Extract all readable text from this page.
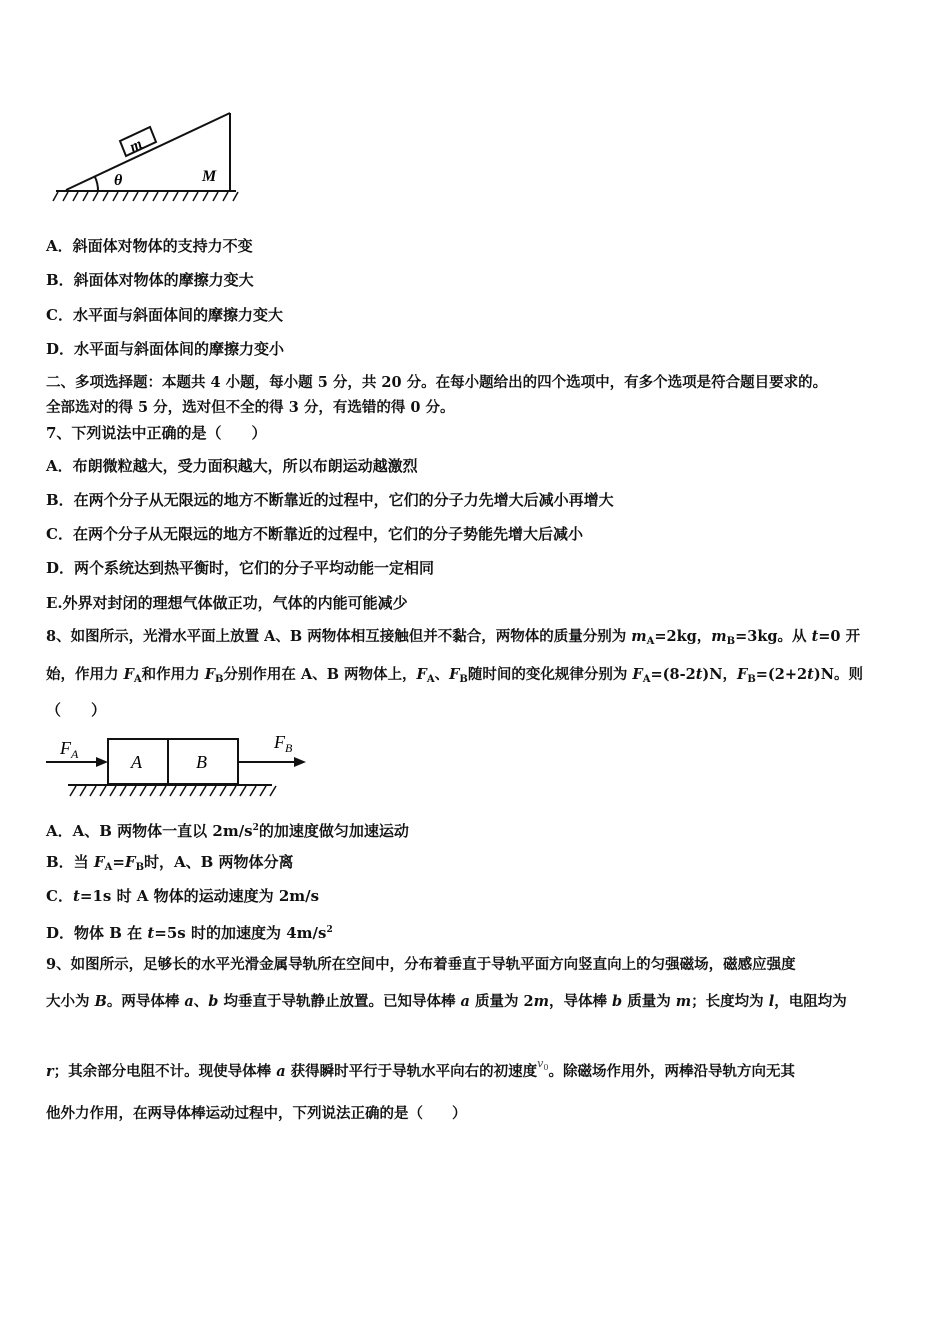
m
θ	M
A．斜面体对物体的支持力不变
B．斜面体对物体的摩擦力变大
C．水平面与斜面体间的摩擦力变大
D．水平面与斜面体间的摩擦力变小
二、多项选择题：本题共 4 小题，每小题 5 分，共 20 分。在每小题给出的四个选项中，有多个选项是符合题目要求的。
全部选对的得 5 分，选对但不全的得 3 分，有选错的得 0 分。
7、下列说法中正确的是（　　）
A．布朗微粒越大，受力面积越大，所以布朗运动越激烈
B．在两个分子从无限远的地方不断靠近的过程中，它们的分子力先增大后减小再增大
C．在两个分子从无限远的地方不断靠近的过程中，它们的分子势能先增大后减小
D．两个系统达到热平衡时，它们的分子平均动能一定相同
E.外界对封闭的理想气体做正功，气体的内能可能减少
8、如图所示，光滑水平面上放置 A、B 两物体相互接触但并不黏合，两物体的质量分别为 $m_A=2kg$，$m_B=3kg$。从 t=0 开
始，作用力 $F_A$和作用力 $F_B$分别作用在 A、B 两物体上，$F_A$、$F_B$随时间的变化规律分别为 $F_A=(8-2t)N$，$F_B=(2+2t)N$。则
（　　）
$F_A$
$F_B$
A	B
A．A、B 两物体一直以 $2m/s^2$的加速度做匀加速运动
B．当 $F_A=F_B$时，A、B 两物体分离
C．t=1s 时 A 物体的运动速度为 2m/s
D．物体 B 在 t=5s 时的加速度为 $4m/s^2$
9、如图所示，足够长的水平光滑金属导轨所在空间中，分布着垂直于导轨平面方向竖直向上的匀强磁场，磁感应强度
大小为 B。两导体棒 a、b 均垂直于导轨静止放置。已知导体棒 a 质量为 2m，导体棒 b 质量为 m；长度均为 l，电阻均为
r；其余部分电阻不计。现使导体棒 a 获得瞬时平行于导轨水平向右的初速度$^{v_0}$。除磁场作用外，两棒沿导轨方向无其
他外力作用，在两导体棒运动过程中，下列说法正确的是（　　）
